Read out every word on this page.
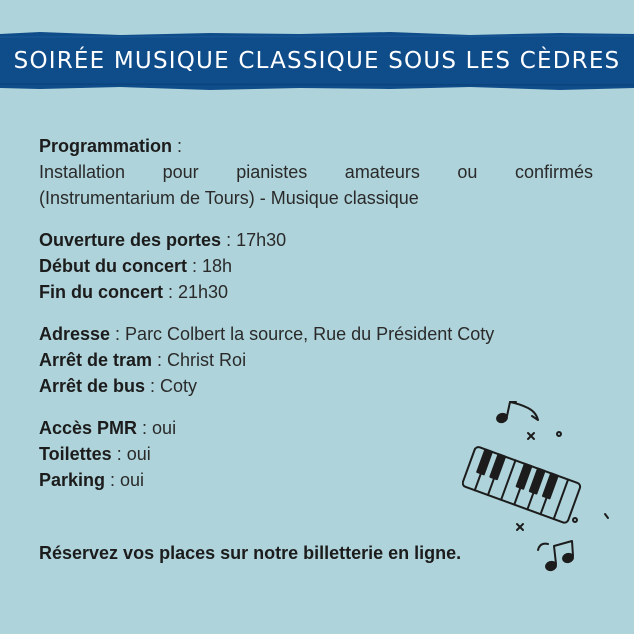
SOIRÉE MUSIQUE CLASSIQUE SOUS LES CÈDRES
Programmation :
Installation pour pianistes amateurs ou confirmés
(Instrumentarium de Tours) - Musique classique
Ouverture des portes : 17h30
Début du concert : 18h
Fin du concert : 21h30
Adresse : Parc Colbert la source, Rue du Président Coty
Arrêt de tram : Christ Roi
Arrêt de bus : Coty
Accès PMR : oui
Toilettes : oui
Parking : oui
Réservez vos places sur notre billetterie en ligne.
